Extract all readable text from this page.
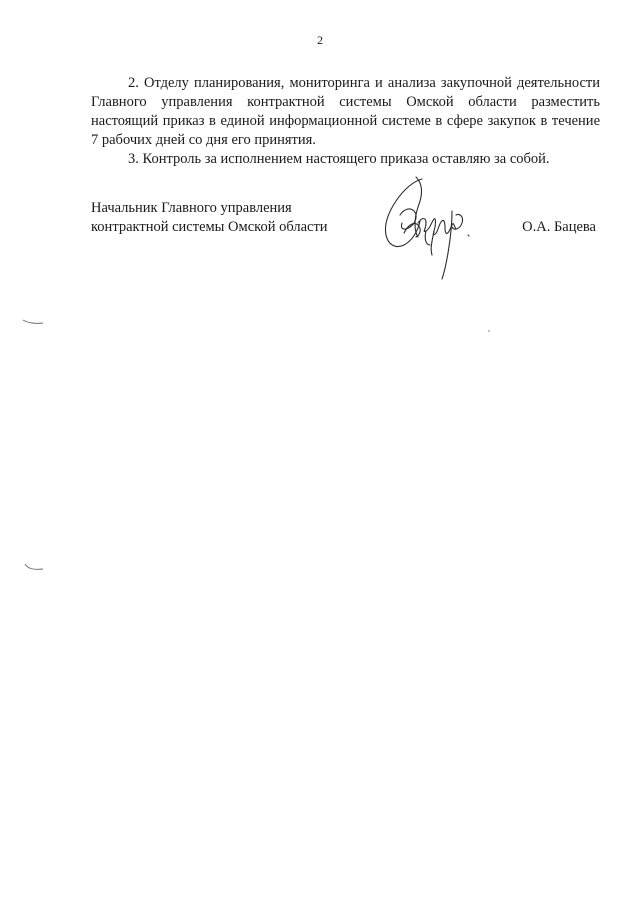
2

2. Отделу планирования, мониторинга и анализа закупочной деятельности Главного управления контрактной системы Омской области разместить настоящий приказ в единой информационной системе в сфере закупок в течение 7 рабочих дней со дня его принятия.

3. Контроль за исполнением настоящего приказа оставляю за собой.

Начальник Главного управления
контрактной системы Омской области	О.А. Бацева
